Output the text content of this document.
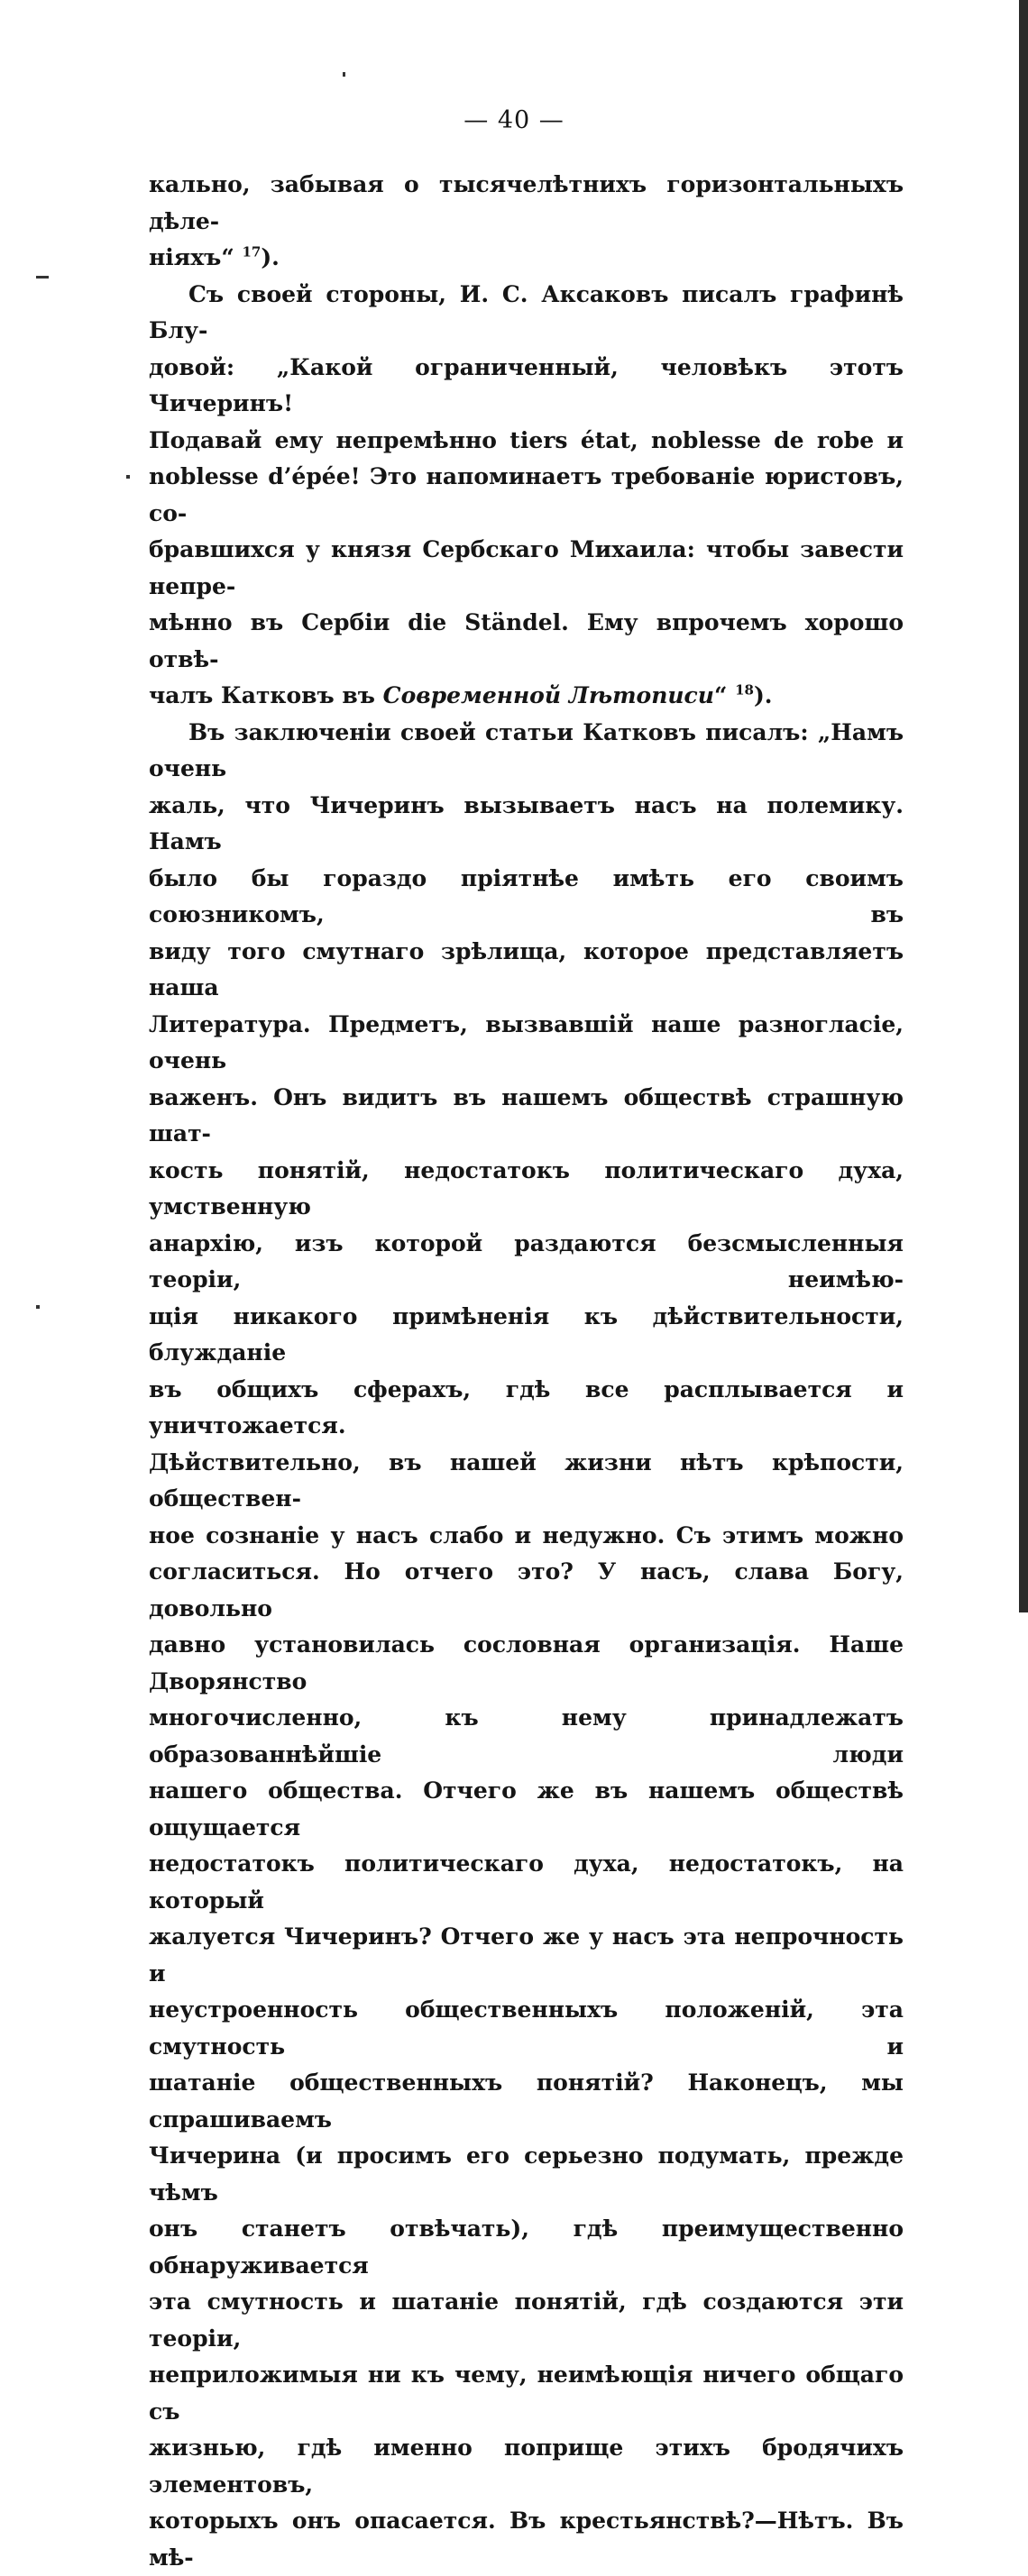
— 40 —

кально, забывая о тысячелѣтнихъ горизонтальныхъ дѣле-

ніяхъ“ $^{17}$).

Съ своей стороны, И. С. Аксаковъ писалъ графинѣ Блу-

довой: „Какой ограниченный, человѣкъ этотъ Чичеринъ!

Подавай ему непремѣнно tiers état, noblesse de robe и

noblesse d’épée! Это напоминаетъ требованіе юристовъ, со-

бравшихся у князя Сербскаго Михаила: чтобы завести непре-

мѣнно въ Сербіи die Ständel. Ему впрочемъ хорошо отвѣ-

чалъ Катковъ въ Современной Лѣтописи“ $^{18}$).

Въ заключеніи своей статьи Катковъ писалъ: „Намъ очень

жаль, что Чичеринъ вызываетъ насъ на полемику. Намъ

было бы гораздо пріятнѣе имѣть его своимъ союзникомъ, въ

виду того смутнаго зрѣлища, которое представляетъ наша

Литература. Предметъ, вызвавшій наше разногласіе, очень

важенъ. Онъ видитъ въ нашемъ обществѣ страшную шат-

кость понятій, недостатокъ политическаго духа, умственную

анархію, изъ которой раздаются безсмысленныя теоріи, неимѣю-

щія никакого примѣненія къ дѣйствительности, блужданіе

въ общихъ сферахъ, гдѣ все расплывается и уничтожается.

Дѣйствительно, въ нашей жизни нѣтъ крѣпости, обществен-

ное сознаніе у насъ слабо и недужно. Съ этимъ можно

согласиться. Но отчего это? У насъ, слава Богу, довольно

давно установилась сословная организація. Наше Дворянство

многочисленно, къ нему принадлежатъ образованнѣйшіе люди

нашего общества. Отчего же въ нашемъ обществѣ ощущается

недостатокъ политическаго духа, недостатокъ, на который

жалуется Чичеринъ? Отчего же у насъ эта непрочность и

неустроенность общественныхъ положеній, эта смутность и

шатаніе общественныхъ понятій? Наконецъ, мы спрашиваемъ

Чичерина (и просимъ его серьезно подумать, прежде чѣмъ

онъ станетъ отвѣчать), гдѣ преимущественно обнаруживается

эта смутность и шатаніе понятій, гдѣ создаются эти теоріи,

неприложимыя ни къ чему, неимѣющія ничего общаго съ

жизнью, гдѣ именно поприще этихъ бродячихъ элементовъ,

которыхъ онъ опасается. Въ крестьянствѣ?—Нѣтъ. Въ мѣ-
